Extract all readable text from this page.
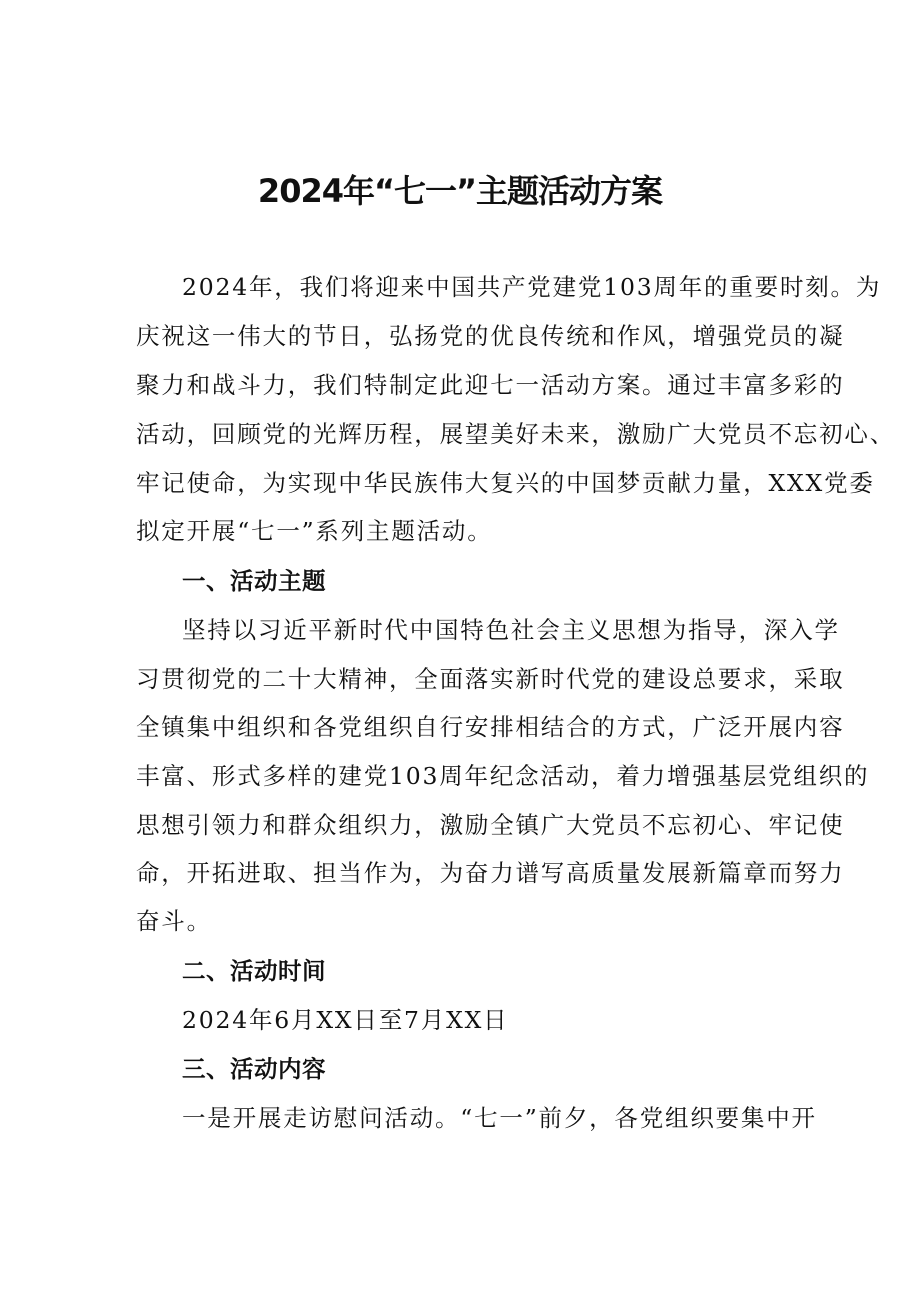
2024年“七一”主题活动方案

2024年，我们将迎来中国共产党建党103周年的重要时刻。为

庆祝这一伟大的节日，弘扬党的优良传统和作风，增强党员的凝

聚力和战斗力，我们特制定此迎七一活动方案。通过丰富多彩的

活动，回顾党的光辉历程，展望美好未来，激励广大党员不忘初心、

牢记使命，为实现中华民族伟大复兴的中国梦贡献力量，XXX党委

拟定开展“七一”系列主题活动。

一、活动主题

坚持以习近平新时代中国特色社会主义思想为指导，深入学

习贯彻党的二十大精神，全面落实新时代党的建设总要求，采取

全镇集中组织和各党组织自行安排相结合的方式，广泛开展内容

丰富、形式多样的建党103周年纪念活动，着力增强基层党组织的

思想引领力和群众组织力，激励全镇广大党员不忘初心、牢记使

命，开拓进取、担当作为，为奋力谱写高质量发展新篇章而努力

奋斗。

二、活动时间

2024年6月XX日至7月XX日

三、活动内容

一是开展走访慰问活动。“七一”前夕，各党组织要集中开
